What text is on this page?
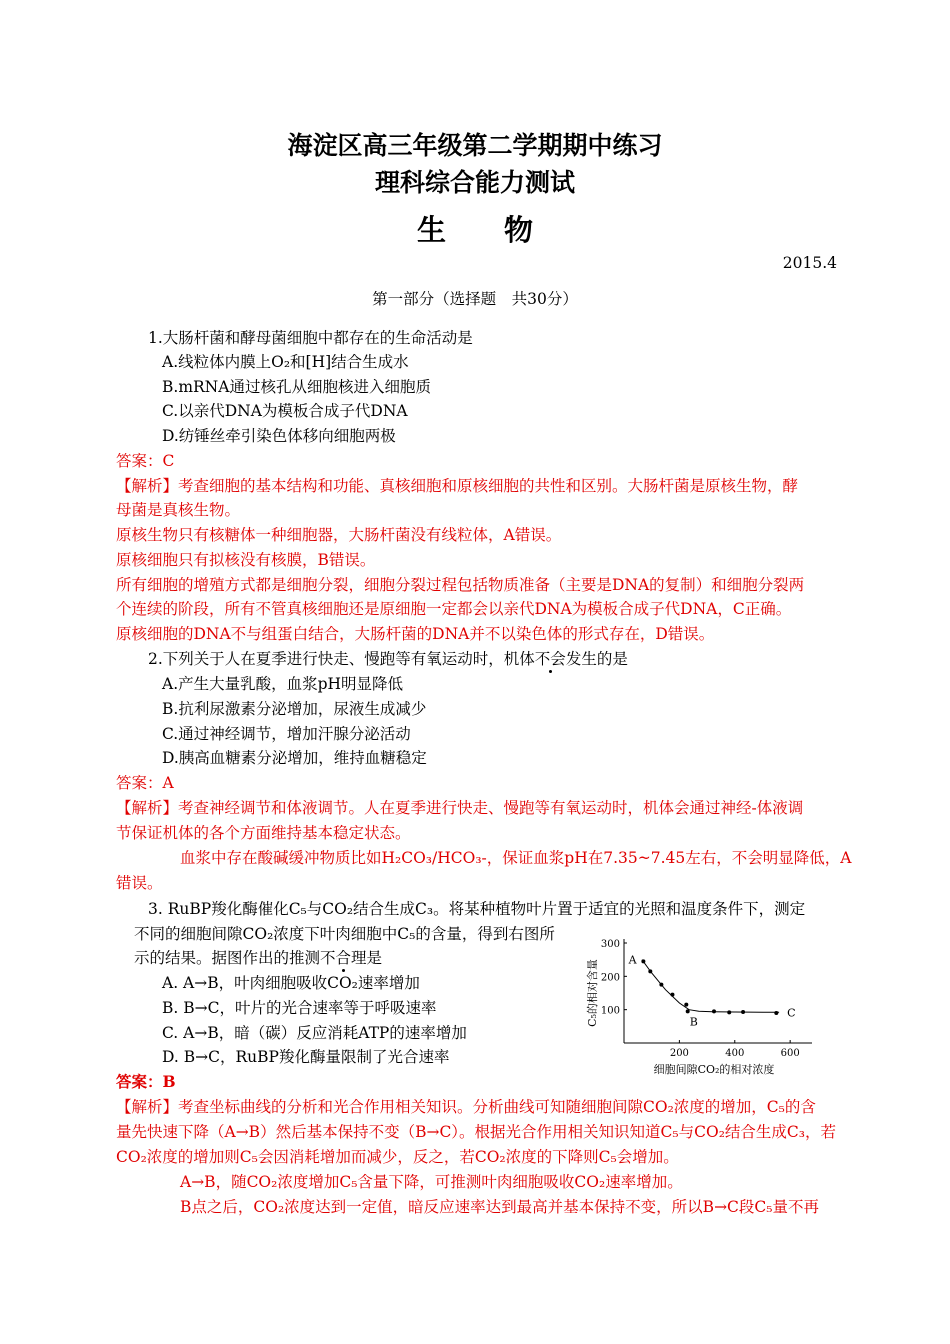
海淀区高三年级第二学期期中练习
理科综合能力测试
生　　物
2015.4
第一部分（选择题　共30分）
1.大肠杆菌和酵母菌细胞中都存在的生命活动是
A.线粒体内膜上O₂和[H]结合生成水
B.mRNA通过核孔从细胞核进入细胞质
C.以亲代DNA为模板合成子代DNA
D.纺锤丝牵引染色体移向细胞两极
答案：C
【解析】考查细胞的基本结构和功能、真核细胞和原核细胞的共性和区别。大肠杆菌是原核生物，酵
母菌是真核生物。
原核生物只有核糖体一种细胞器，大肠杆菌没有线粒体，A错误。
原核细胞只有拟核没有核膜，B错误。
所有细胞的增殖方式都是细胞分裂，细胞分裂过程包括物质准备（主要是DNA的复制）和细胞分裂两
个连续的阶段，所有不管真核细胞还是原细胞一定都会以亲代DNA为模板合成子代DNA，C正确。
原核细胞的DNA不与组蛋白结合，大肠杆菌的DNA并不以染色体的形式存在，D错误。
2.下列关于人在夏季进行快走、慢跑等有氧运动时，机体不会发生的是
A.产生大量乳酸，血浆pH明显降低
B.抗利尿激素分泌增加，尿液生成减少
C.通过神经调节，增加汗腺分泌活动
D.胰高血糖素分泌增加，维持血糖稳定
答案：A
【解析】考查神经调节和体液调节。人在夏季进行快走、慢跑等有氧运动时，机体会通过神经-体液调
节保证机体的各个方面维持基本稳定状态。
血浆中存在酸碱缓冲物质比如H₂CO₃/HCO₃-，保证血浆pH在7.35~7.45左右，不会明显降低，A
错误。
3. RuBP羧化酶催化C₅与CO₂结合生成C₃。将某种植物叶片置于适宜的光照和温度条件下，测定
不同的细胞间隙CO₂浓度下叶肉细胞中C₅的含量，得到右图所
示的结果。据图作出的推测不合理是
A. A→B，叶肉细胞吸收CO₂速率增加
B. B→C，叶片的光合速率等于呼吸速率
C. A→B，暗（碳）反应消耗ATP的速率增加
D. B→C，RuBP羧化酶量限制了光合速率
答案：B
【解析】考查坐标曲线的分析和光合作用相关知识。分析曲线可知随细胞间隙CO₂浓度的增加，C₅的含
量先快速下降（A→B）然后基本保持不变（B→C）。根据光合作用相关知识知道C₅与CO₂结合生成C₃，若
CO₂浓度的增加则C₅会因消耗增加而减少，反之，若CO₂浓度的下降则C₅会增加。
A→B，随CO₂浓度增加C₅含量下降，可推测叶肉细胞吸收CO₂速率增加。
B点之后，CO₂浓度达到一定值，暗反应速率达到最高并基本保持不变，所以B→C段C₅量不再
200	400	600
100
200
300
细胞间隙CO₂的相对浓度
C₅的相对含量	A
B
C
